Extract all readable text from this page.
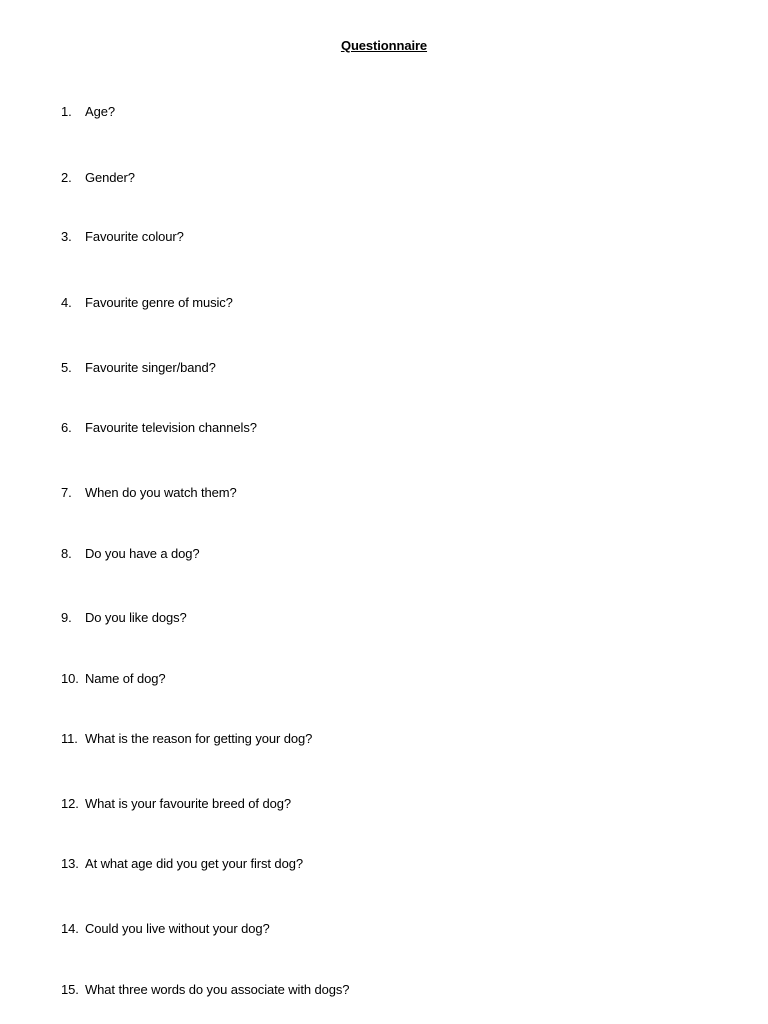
Questionnaire
1. Age?
2. Gender?
3. Favourite colour?
4. Favourite genre of music?
5. Favourite singer/band?
6. Favourite television channels?
7. When do you watch them?
8. Do you have a dog?
9. Do you like dogs?
10. Name of dog?
11. What is the reason for getting your dog?
12. What is your favourite breed of dog?
13. At what age did you get your first dog?
14. Could you live without your dog?
15. What three words do you associate with dogs?
